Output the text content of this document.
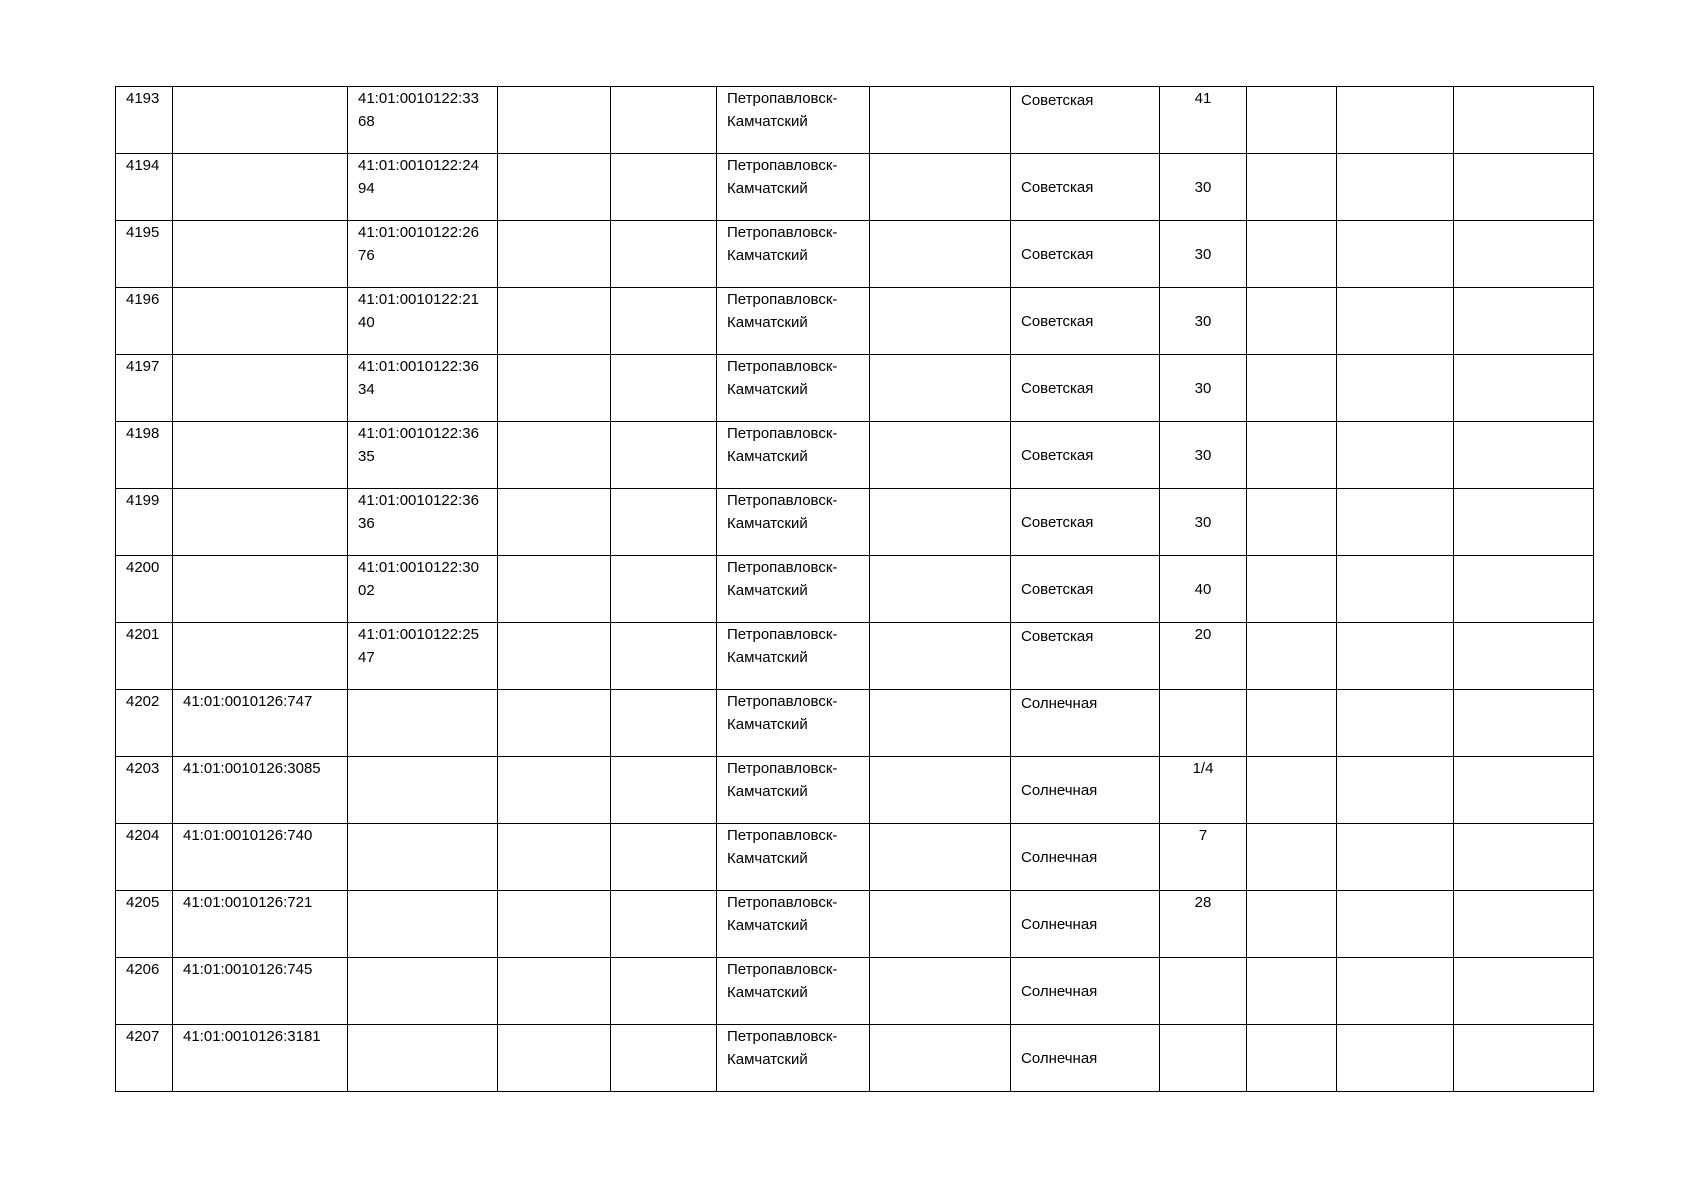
4193		41:01:0010122:3368			Петропавловск-Камчатский		Советская	41			

4194		41:01:0010122:2494			Петропавловск-Камчатский		Советская	30			

4195		41:01:0010122:2676			Петропавловск-Камчатский		Советская	30			

4196		41:01:0010122:2140			Петропавловск-Камчатский		Советская	30			

4197		41:01:0010122:3634			Петропавловск-Камчатский		Советская	30			

4198		41:01:0010122:3635			Петропавловск-Камчатский		Советская	30			

4199		41:01:0010122:3636			Петропавловск-Камчатский		Советская	30			

4200		41:01:0010122:3002			Петропавловск-Камчатский		Советская	40			

4201		41:01:0010122:2547			Петропавловск-Камчатский		Советская	20			

4202	41:01:0010126:747				Петропавловск-Камчатский		Солнечная				

4203	41:01:0010126:3085				Петропавловск-Камчатский		Солнечная	1/4			

4204	41:01:0010126:740				Петропавловск-Камчатский		Солнечная	7			

4205	41:01:0010126:721				Петропавловск-Камчатский		Солнечная	28			

4206	41:01:0010126:745				Петропавловск-Камчатский		Солнечная				

4207	41:01:0010126:3181				Петропавловск-Камчатский		Солнечная				
